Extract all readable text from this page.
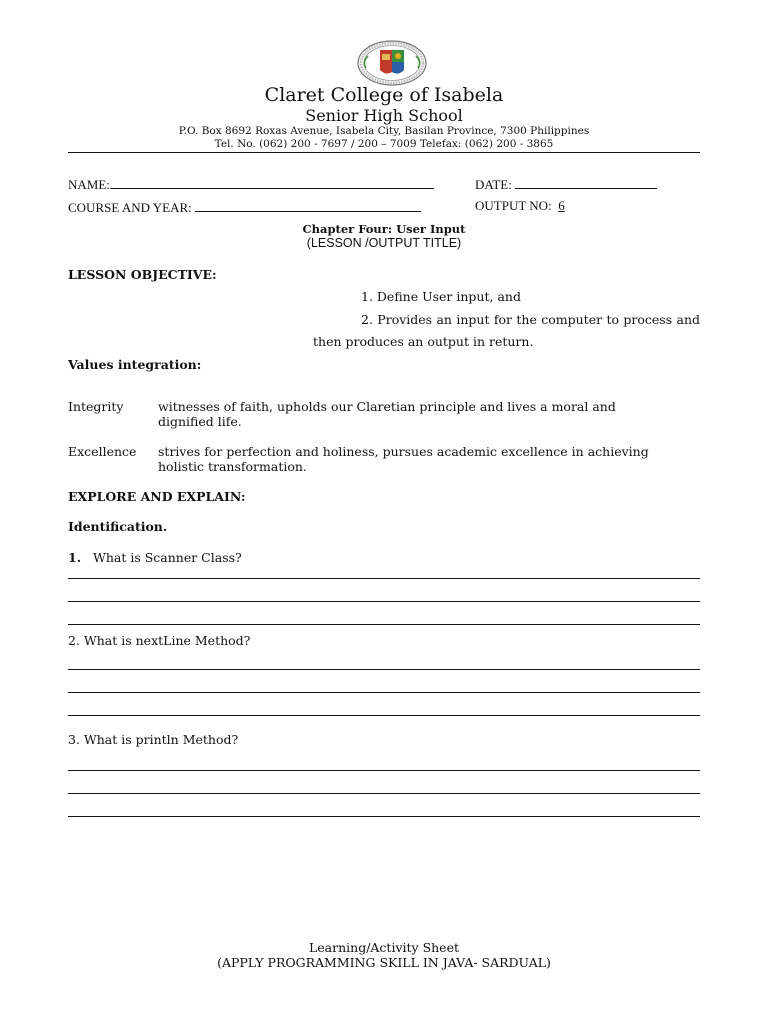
Claret College of Isabela
Senior High School
P.O. Box 8692 Roxas Avenue, Isabela City, Basilan Province, 7300 Philippines
Tel. No. (062) 200 - 7697 / 200 – 7009 Telefax: (062) 200 - 3865
NAME:	DATE:
COURSE AND YEAR:	OUTPUT NO: 6
Chapter Four: User Input
(LESSON /OUTPUT TITLE)
LESSON OBJECTIVE:
1. Define User input, and
2. Provides an input for the computer to process and
then produces an output in return.
Values integration:
Integrity	witnesses of faith, upholds our Claretian principle and lives a moral and dignified life.
Excellence strives for perfection and holiness, pursues academic excellence in achieving holistic transformation.
EXPLORE AND EXPLAIN:
Identification.
1. What is Scanner Class?
2. What is nextLine Method?
3. What is println Method?
Learning/Activity Sheet
(APPLY PROGRAMMING SKILL IN JAVA- SARDUAL)
